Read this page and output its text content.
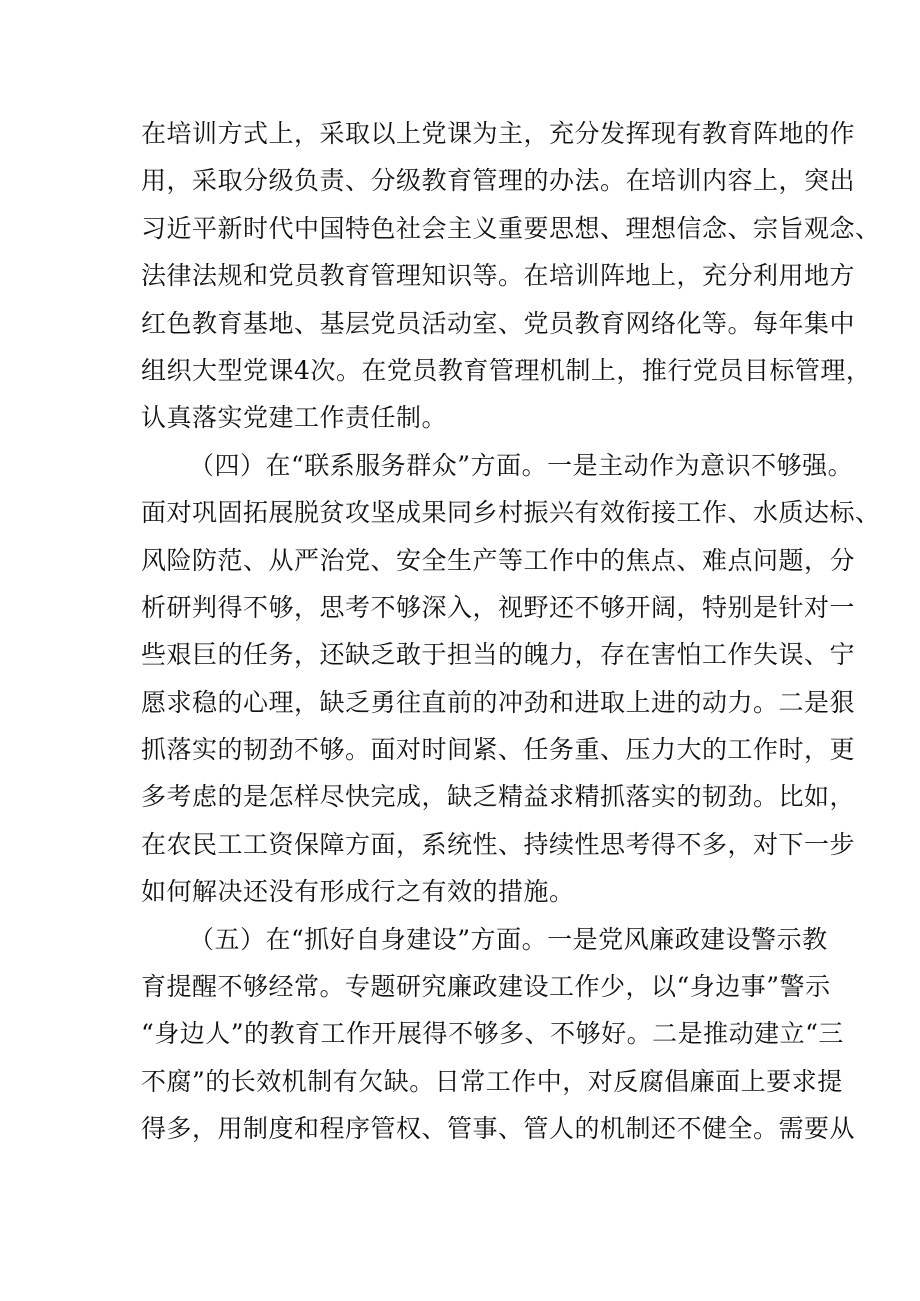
在培训方式上，采取以上党课为主，充分发挥现有教育阵地的作
用，采取分级负责、分级教育管理的办法。在培训内容上，突出
习近平新时代中国特色社会主义重要思想、理想信念、宗旨观念、
法律法规和党员教育管理知识等。在培训阵地上，充分利用地方
红色教育基地、基层党员活动室、党员教育网络化等。每年集中
组织大型党课4次。在党员教育管理机制上，推行党员目标管理，
认真落实党建工作责任制。
（四）在“联系服务群众”方面。一是主动作为意识不够强。
面对巩固拓展脱贫攻坚成果同乡村振兴有效衔接工作、水质达标、
风险防范、从严治党、安全生产等工作中的焦点、难点问题，分
析研判得不够，思考不够深入，视野还不够开阔，特别是针对一
些艰巨的任务，还缺乏敢于担当的魄力，存在害怕工作失误、宁
愿求稳的心理，缺乏勇往直前的冲劲和进取上进的动力。二是狠
抓落实的韧劲不够。面对时间紧、任务重、压力大的工作时，更
多考虑的是怎样尽快完成，缺乏精益求精抓落实的韧劲。比如，
在农民工工资保障方面，系统性、持续性思考得不多，对下一步
如何解决还没有形成行之有效的措施。
（五）在“抓好自身建设”方面。一是党风廉政建设警示教
育提醒不够经常。专题研究廉政建设工作少，以“身边事”警示
“身边人”的教育工作开展得不够多、不够好。二是推动建立“三
不腐”的长效机制有欠缺。日常工作中，对反腐倡廉面上要求提
得多，用制度和程序管权、管事、管人的机制还不健全。需要从
